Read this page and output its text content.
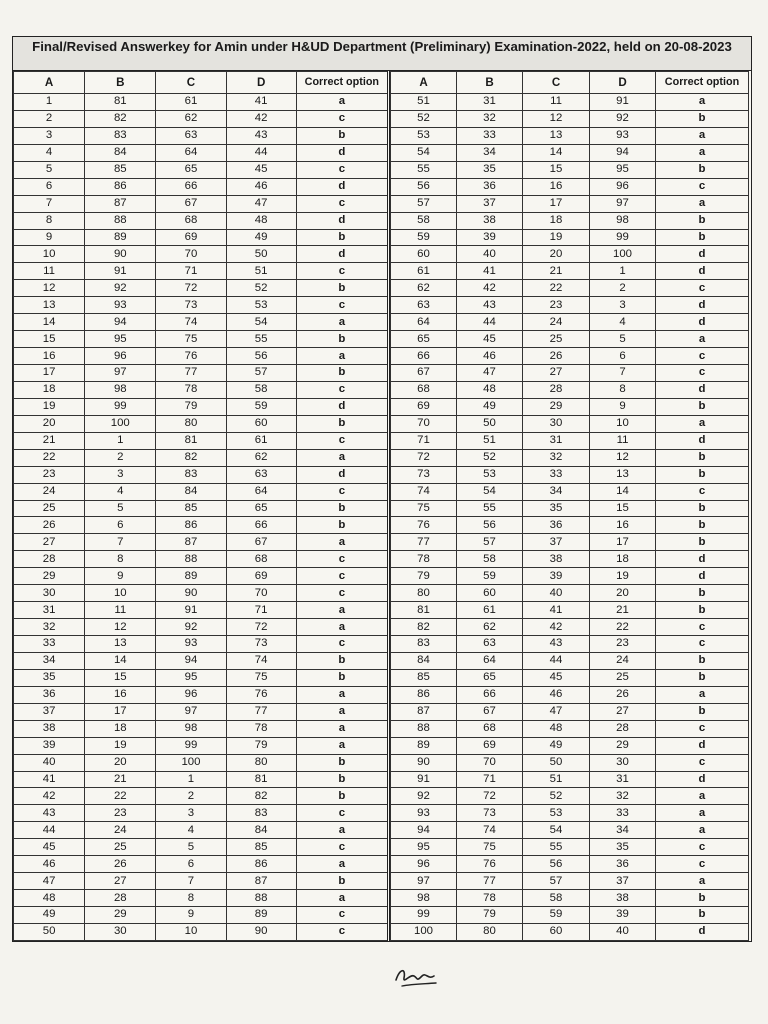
Final/Revised Answerkey for Amin under H&UD Department (Preliminary) Examination-2022, held on 20-08-2023
A	B	C	D	Correct option
1	81	61	41	a
2	82	62	42	c
3	83	63	43	b
4	84	64	44	d
5	85	65	45	c
6	86	66	46	d
7	87	67	47	c
8	88	68	48	d
9	89	69	49	b
10	90	70	50	d
11	91	71	51	c
12	92	72	52	b
13	93	73	53	c
14	94	74	54	a
15	95	75	55	b
16	96	76	56	a
17	97	77	57	b
18	98	78	58	c
19	99	79	59	d
20	100	80	60	b
21	1	81	61	c
22	2	82	62	a
23	3	83	63	d
24	4	84	64	c
25	5	85	65	b
26	6	86	66	b
27	7	87	67	a
28	8	88	68	c
29	9	89	69	c
30	10	90	70	c
31	11	91	71	a
32	12	92	72	a
33	13	93	73	c
34	14	94	74	b
35	15	95	75	b
36	16	96	76	a
37	17	97	77	a
38	18	98	78	a
39	19	99	79	a
40	20	100	80	b
41	21	1	81	b
42	22	2	82	b
43	23	3	83	c
44	24	4	84	a
45	25	5	85	c
46	26	6	86	a
47	27	7	87	b
48	28	8	88	a
49	29	9	89	c
50	30	10	90	c
A	B	C	D	Correct option
51	31	11	91	a
52	32	12	92	b
53	33	13	93	a
54	34	14	94	a
55	35	15	95	b
56	36	16	96	c
57	37	17	97	a
58	38	18	98	b
59	39	19	99	b
60	40	20	100	d
61	41	21	1	d
62	42	22	2	c
63	43	23	3	d
64	44	24	4	d
65	45	25	5	a
66	46	26	6	c
67	47	27	7	c
68	48	28	8	d
69	49	29	9	b
70	50	30	10	a
71	51	31	11	d
72	52	32	12	b
73	53	33	13	b
74	54	34	14	c
75	55	35	15	b
76	56	36	16	b
77	57	37	17	b
78	58	38	18	d
79	59	39	19	d
80	60	40	20	b
81	61	41	21	b
82	62	42	22	c
83	63	43	23	c
84	64	44	24	b
85	65	45	25	b
86	66	46	26	a
87	67	47	27	b
88	68	48	28	c
89	69	49	29	d
90	70	50	30	c
91	71	51	31	d
92	72	52	32	a
93	73	53	33	a
94	74	54	34	a
95	75	55	35	c
96	76	56	36	c
97	77	57	37	a
98	78	58	38	b
99	79	59	39	b
100	80	60	40	d
